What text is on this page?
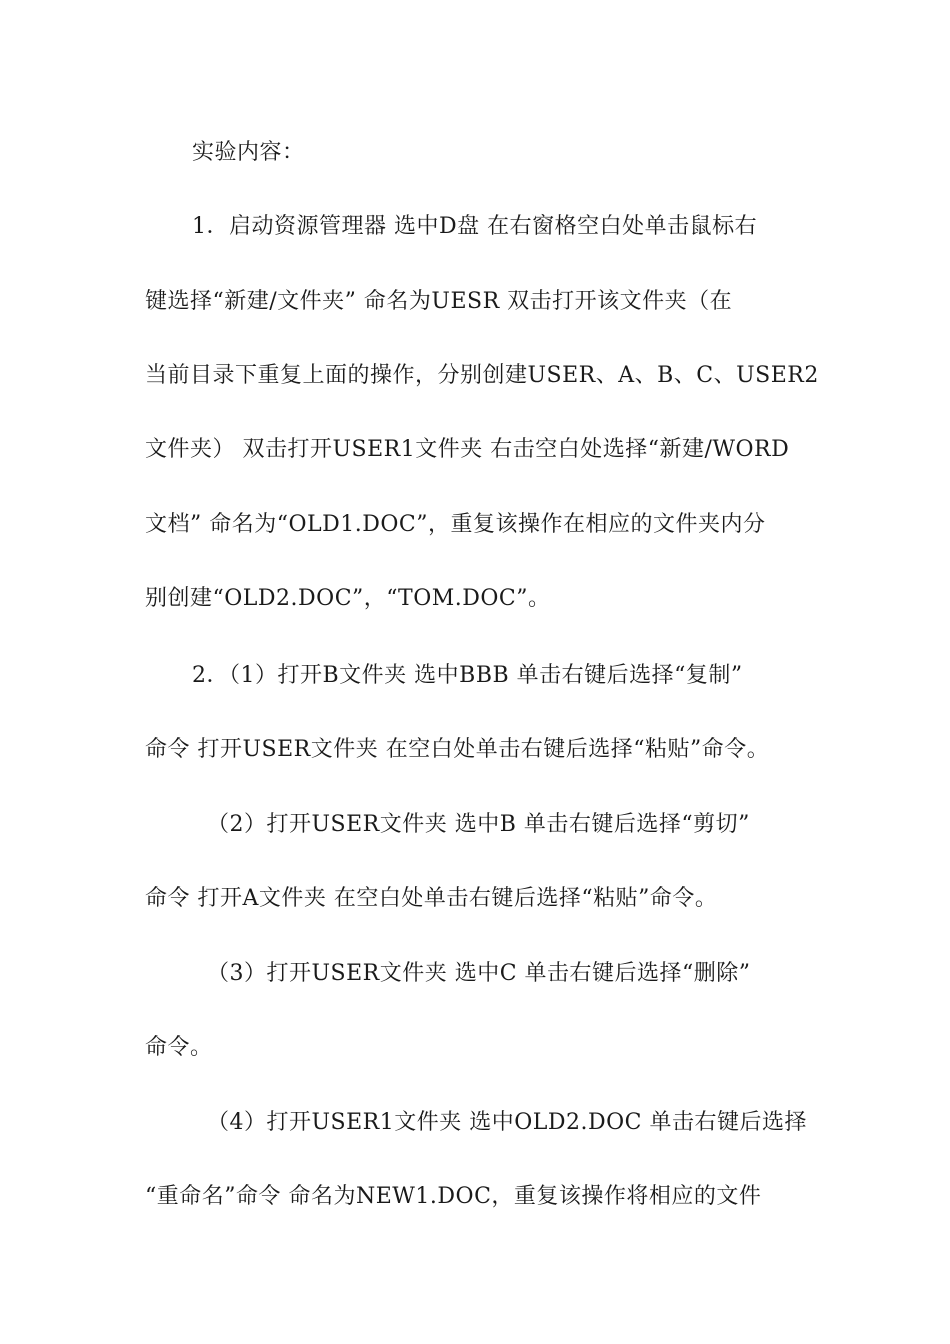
实验内容：
1．启动资源管理器 选中D盘 在右窗格空白处单击鼠标右
键选择“新建/文件夹” 命名为UESR 双击打开该文件夹（在
当前目录下重复上面的操作，分别创建USER、A、B、C、USER2
文件夹） 双击打开USER1文件夹 右击空白处选择“新建/WORD
文档” 命名为“OLD1.DOC”，重复该操作在相应的文件夹内分
别创建“OLD2.DOC”，“TOM.DOC”。
2．（1）打开B文件夹 选中BBB 单击右键后选择“复制”
命令 打开USER文件夹 在空白处单击右键后选择“粘贴”命令。
（2）打开USER文件夹 选中B 单击右键后选择“剪切”
命令 打开A文件夹 在空白处单击右键后选择“粘贴”命令。
（3）打开USER文件夹 选中C 单击右键后选择“删除”
命令。
（4）打开USER1文件夹 选中OLD2.DOC 单击右键后选择
“重命名”命令 命名为NEW1.DOC，重复该操作将相应的文件
